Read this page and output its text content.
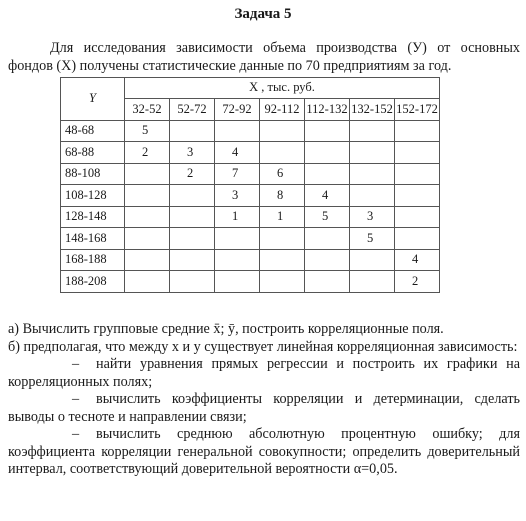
Задача 5
Для исследования зависимости объема производства (У) от основных фондов (Х) получены статистические данные по 70 предприятиям за год.
Y	X , тыс. руб.						
	32-52	52-72	72-92	92-112	112-132	132-152	152-172
48-68	5						
68-88	2	3	4				
88-108		2	7	6			
108-128			3	8	4		
128-148			1	1	5	3	
148-168						5	
168-188							4
188-208							2

а) Вычислить групповые средние x̄; ȳ, построить корреляционные поля.

б) предполагая, что между х и у существует линейная корреляционная зависимость:

– найти уравнения прямых регрессии и построить их графики на корреляционных полях;

– вычислить коэффициенты корреляции и детерминации, сделать выводы о тесноте и направлении связи;

– вычислить среднюю абсолютную процентную ошибку; для коэффициента корреляции генеральной совокупности; определить доверительный интервал, соответствующий доверительной вероятности α=0,05.
